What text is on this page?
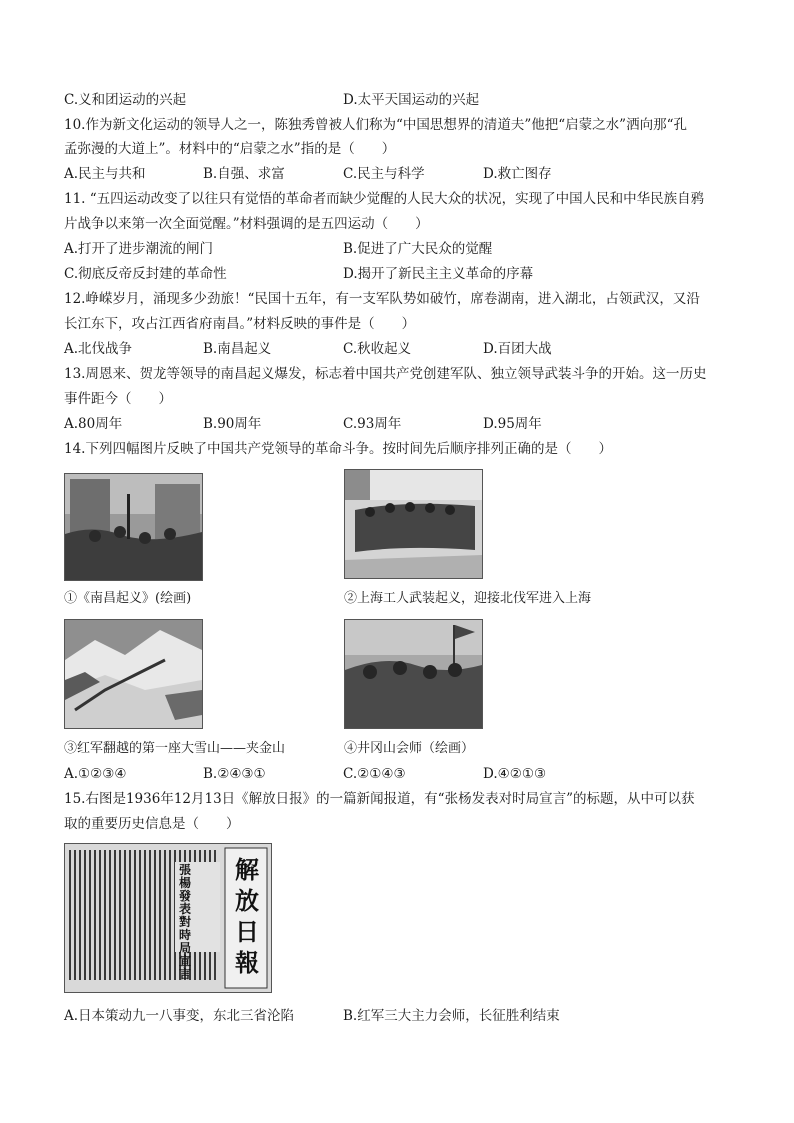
C.义和团运动的兴起	D.太平天国运动的兴起
10.作为新文化运动的领导人之一，陈独秀曾被人们称为“中国思想界的清道夫”他把“启蒙之水”洒向那“孔
孟弥漫的大道上”。材料中的“启蒙之水”指的是（　　）
A.民主与共和	B.自强、求富	C.民主与科学	D.救亡图存
11. “五四运动改变了以往只有觉悟的革命者而缺少觉醒的人民大众的状况，实现了中国人民和中华民族自鸦
片战争以来第一次全面觉醒。”材料强调的是五四运动（　　）
A.打开了进步潮流的闸门	B.促进了广大民众的觉醒
C.彻底反帝反封建的革命性	D.揭开了新民主主义革命的序幕
12.峥嵘岁月，涌现多少劲旅！“民国十五年，有一支军队势如破竹，席卷湖南，进入湖北，占领武汉，又沿
长江东下，攻占江西省府南昌。”材料反映的事件是（　　）
A.北伐战争	B.南昌起义	C.秋收起义	D.百团大战
13.周恩来、贺龙等领导的南昌起义爆发，标志着中国共产党创建军队、独立领导武装斗争的开始。这一历史
事件距今（　　）
A.80周年	B.90周年	C.93周年	D.95周年
14.下列四幅图片反映了中国共产党领导的革命斗争。按时间先后顺序排列正确的是（　　）
①《南昌起义》(绘画)	②上海工人武装起义，迎接北伐军进入上海
③红军翻越的第一座大雪山——夹金山	④井冈山会师（绘画）
A.①②③④	B.②④③①	C.②①④③	D.④②①③
15.右图是1936年12月13日《解放日报》的一篇新闻报道，有“张杨发表对时局宣言”的标题，从中可以获
取的重要历史信息是（　　）
張楊發表對時局宣言
解放日報
A.日本策动九一八事变，东北三省沦陷	B.红军三大主力会师，长征胜利结束
